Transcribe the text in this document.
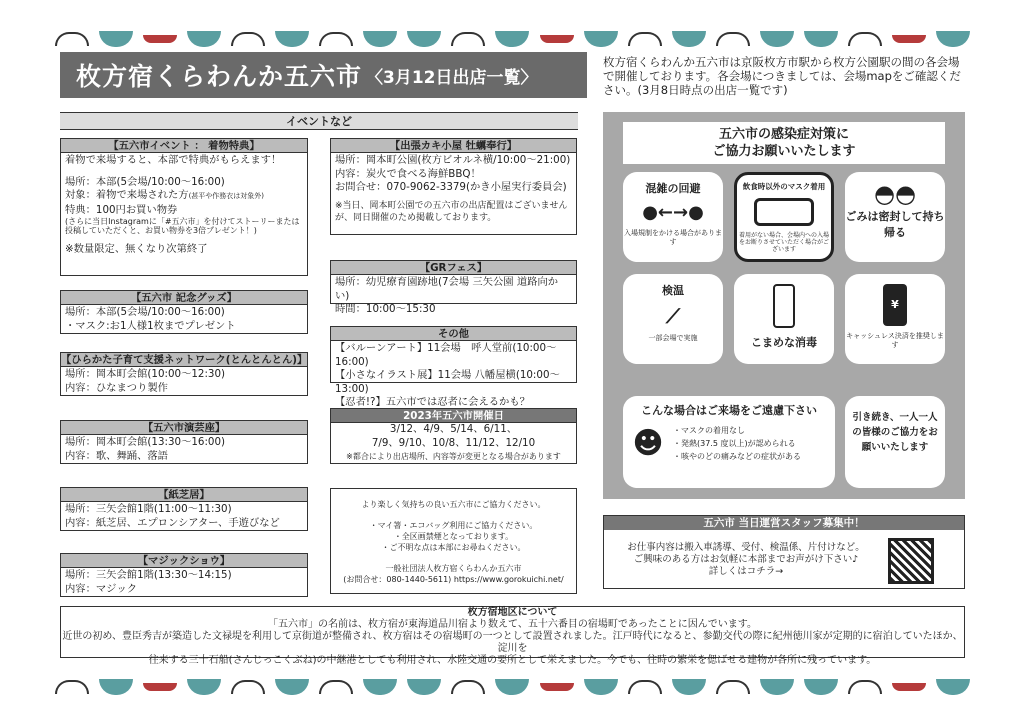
枚方宿くらわんか五六市 〈3月12日出店一覧〉
枚方宿くらわんか五六市は京阪枚方市駅から枚方公園駅の間の各会場で開催しております。各会場につきましては、会場mapをご確認ください。(3月8日時点の出店一覧です)
イベントなど
【五六市イベント ： 着物特典】
着物で来場すると、本部で特典がもらえます！
場所：本部(5会場/10:00～16:00)
対象：着物で来場された方(甚平や作務衣は対象外)
特典：100円お買い物券
(さらに当日Instagramに「#五六市」を付けてストーリーまたは投稿していただくと、お買い物券を3倍プレゼント！)
※数量限定、無くなり次第終了
【五六市 記念グッズ】
場所：本部(5会場/10:00～16:00)
・マスク:お1人様1枚までプレゼント
【ひらかた子育て支援ネットワーク(とんとんとん)】
場所：岡本町会館(10:00～12:30)
内容：ひなまつり製作
【五六市演芸座】
場所：岡本町会館(13:30～16:00)
内容：歌、舞踊、落語
【紙芝居】
場所：三矢会館1階(11:00～11:30)
内容：紙芝居、エプロンシアター、手遊びなど
【マジックショウ】
場所：三矢会館1階(13:30～14:15)
内容：マジック
【出張カキ小屋 牡蠣奉行】
場所：岡本町公園(枚方ビオルネ横/10:00～21:00)
内容：炭火で食べる海鮮BBQ！
お問合せ：070-9062-3379(かき小屋実行委員会)
※当日、岡本町公園での五六市の出店配置はございませんが、同日開催のため掲載しております。
【GRフェス】
場所：幼児療育園跡地(7会場 三矢公園 道路向かい)
時間：10:00～15:30
その他
【バルーンアート】11会場　呼人堂前(10:00～16:00)
【小さなイラスト展】11会場 八幡屋横(10:00～13:00)
【忍者!?】五六市では忍者に会えるかも？
2023年五六市開催日
3/12、4/9、5/14、6/11、
7/9、9/10、10/8、11/12、12/10
※都合により出店場所、内容等が変更となる場合があります
より楽しく気持ちの良い五六市にご協力ください。
・マイ箸・エコバッグ利用にご協力ください。
・全区画禁煙となっております。
・ご不明な点は本部にお尋ねください。
一般社団法人枚方宿くらわんか五六市
(お問合せ：080-1440-5611) https://www.gorokuichi.net/
五六市の感染症対策に
ご協力お願いいたします
混雑の回避
●←→●
入場規制をかける場合があります
飲食時以外のマスク着用
着用がない場合、会場内への入場をお断りさせていただく場合がございます
◓◓
ごみは密封して持ち帰る
検温
⟋
一部会場で実施	こまめな消毒
¥
キャッシュレス決済を推奨します
こんな場合はご来場をご遠慮下さい
☻	・マスクの着用なし
・発熱(37.5 度以上)が認められる
・咳やのどの痛みなどの症状がある
引き続き、一人一人の皆様のご協力をお願いいたします
五六市 当日運営スタッフ募集中！
お仕事内容は搬入車誘導、受付、検温係、片付けなど。
ご興味のある方はお気軽に本部までお声がけ下さい♪
詳しくはコチラ→
枚方宿地区について
「五六市」の名前は、枚方宿が東海道品川宿より数えて、五十六番目の宿場町であったことに因んでいます。
近世の初め、豊臣秀吉が築造した文禄堤を利用して京街道が整備され、枚方宿はその宿場町の一つとして設置されました。江戸時代になると、参勤交代の際に紀州徳川家が定期的に宿泊していたほか、淀川を
往来する三十石船(さんじっこくぶね)の中継港としても利用され、水陸交通の要所として栄えました。今でも、往時の繁栄を偲ばせる建物が各所に残っています。
